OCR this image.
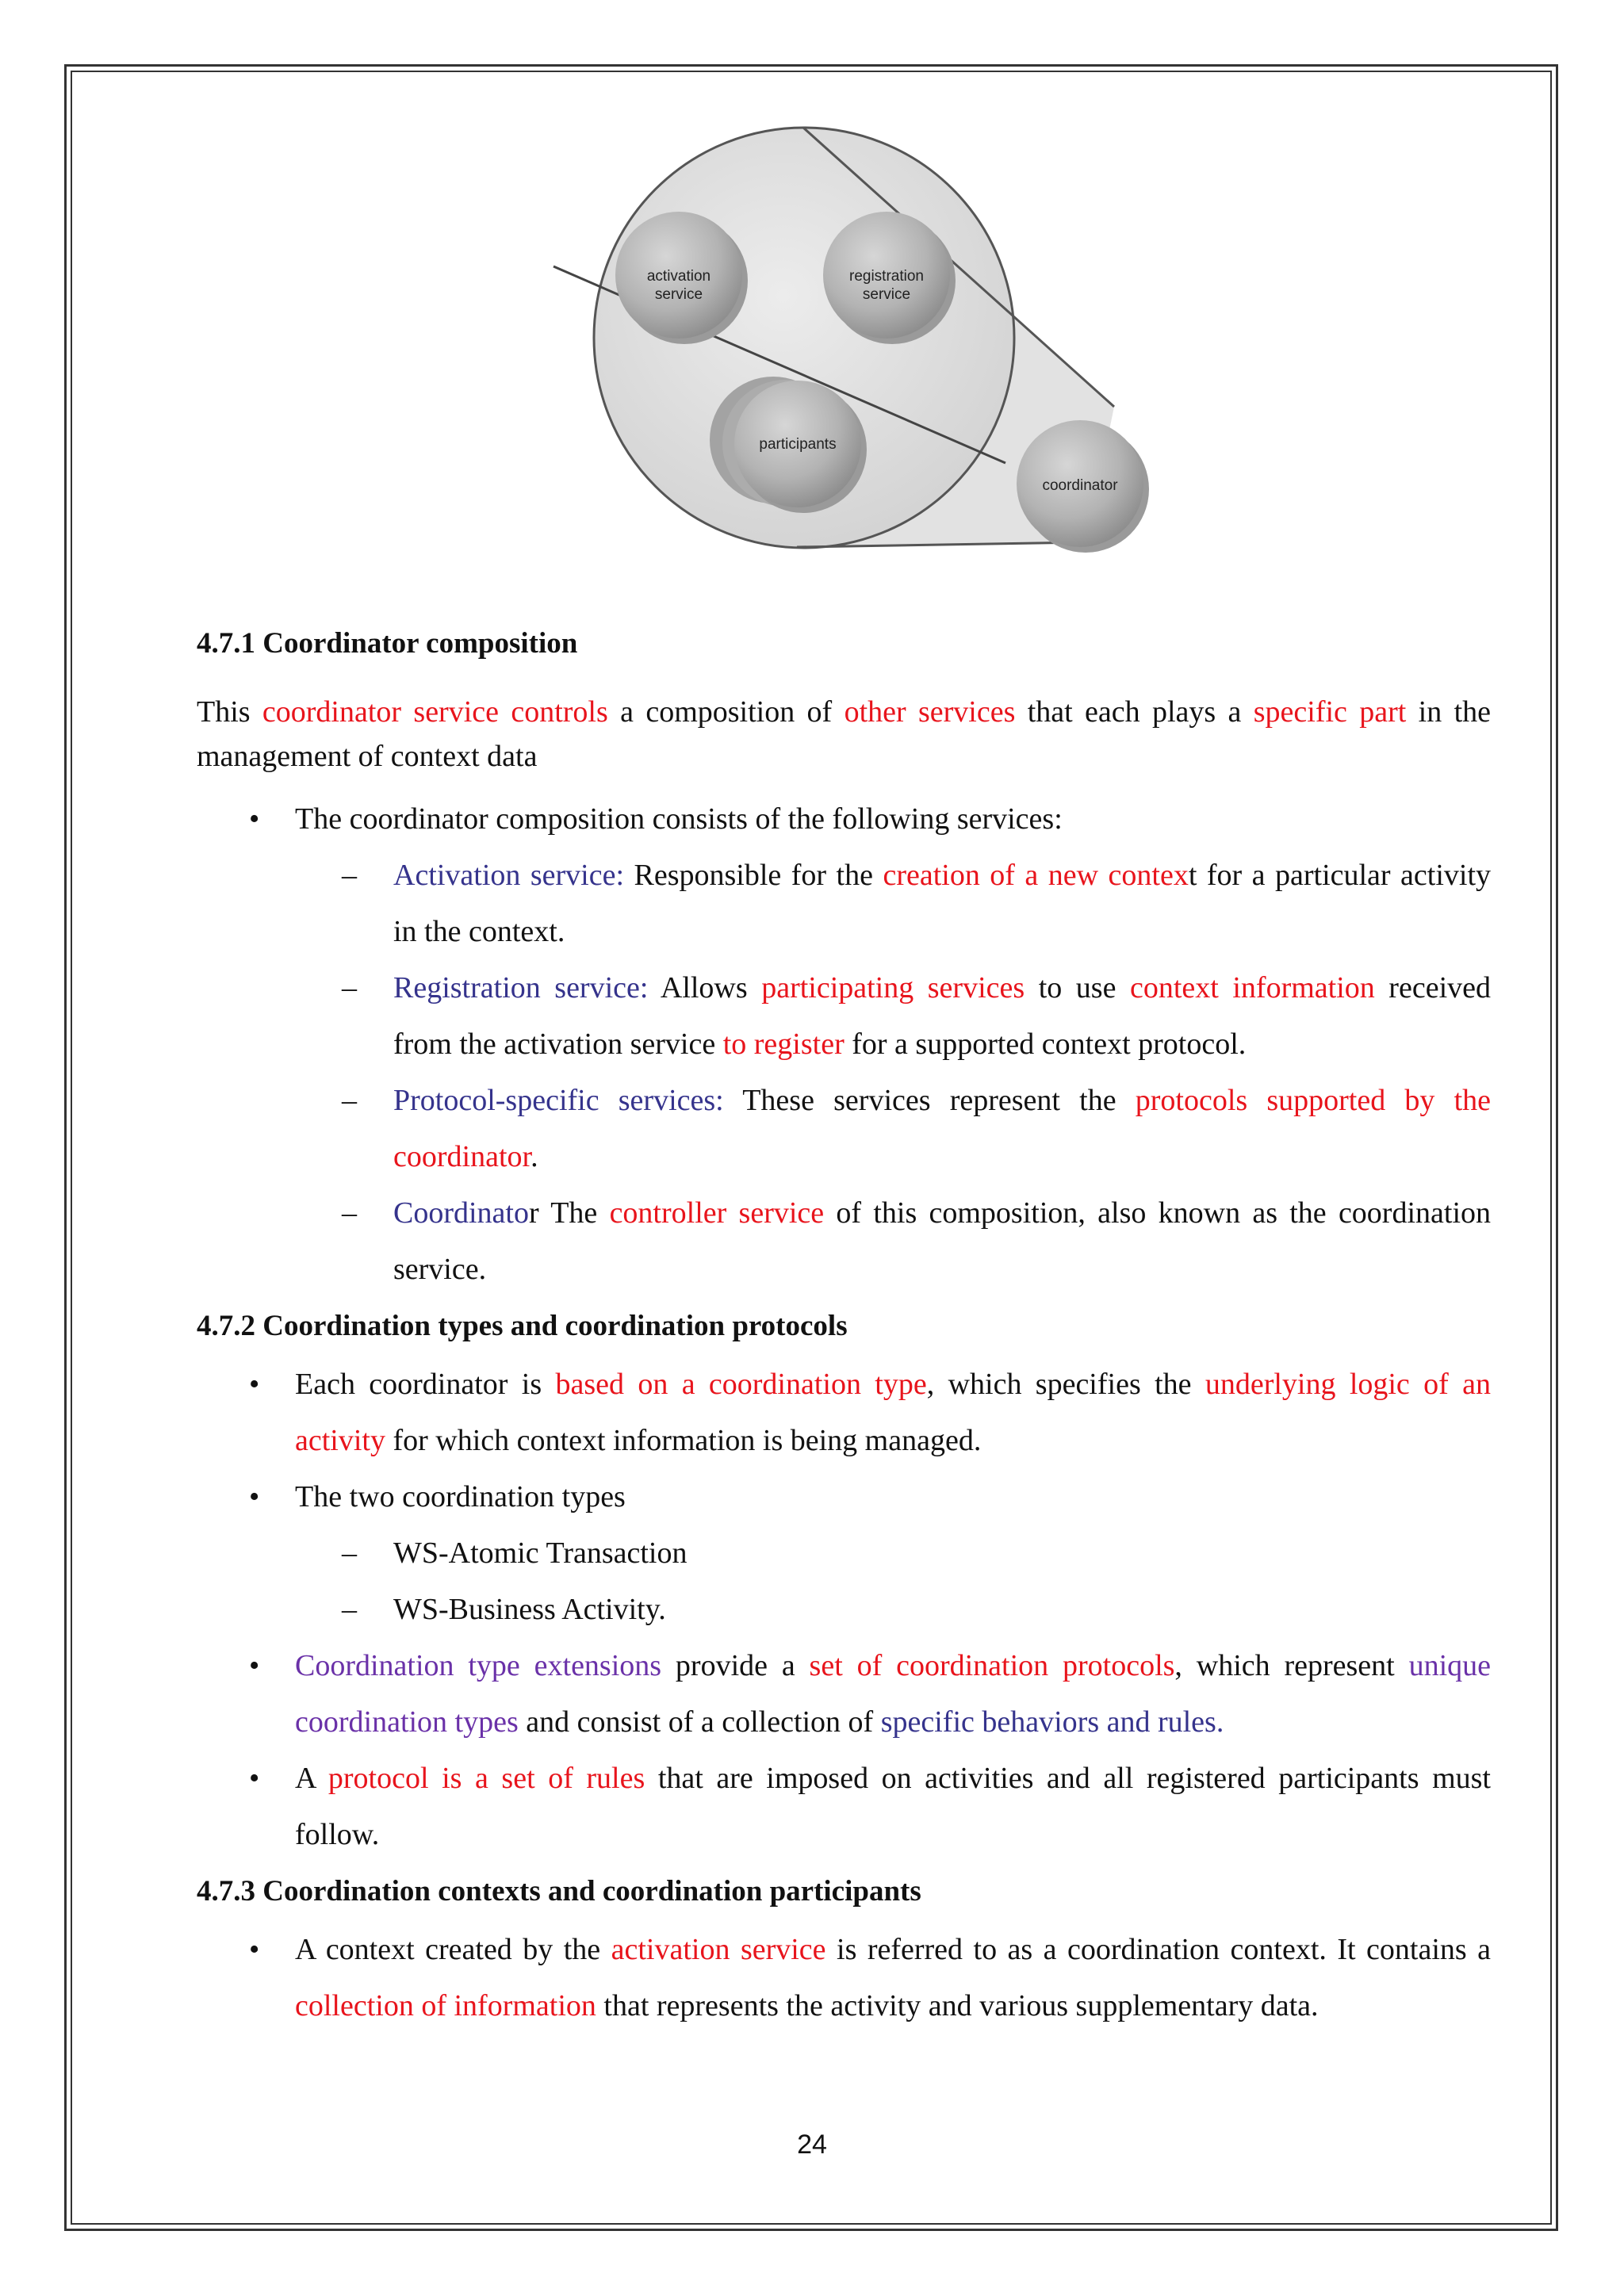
activation
service
registration
service
participants
coordinator

4.7.1 Coordinator composition

This coordinator service controls a composition of other services that each plays a specific part in the management of context data

• The coordinator composition consists of the following services:

– Activation service: Responsible for the creation of a new context for a particular activity in the context.

– Registration service: Allows participating services to use context information received from the activation service to register for a supported context protocol.

– Protocol-specific services: These services represent the protocols supported by the coordinator.

– Coordinator The controller service of this composition, also known as the coordination service.

4.7.2 Coordination types and coordination protocols

• Each coordinator is based on a coordination type, which specifies the underlying logic of an activity for which context information is being managed.

• The two coordination types

– WS-Atomic Transaction

– WS-Business Activity.

• Coordination type extensions provide a set of coordination protocols, which represent unique coordination types and consist of a collection of specific behaviors and rules.

• A protocol is a set of rules that are imposed on activities and all registered participants must follow.

4.7.3 Coordination contexts and coordination participants

• A context created by the activation service is referred to as a coordination context. It contains a collection of information that represents the activity and various supplementary data.

24
